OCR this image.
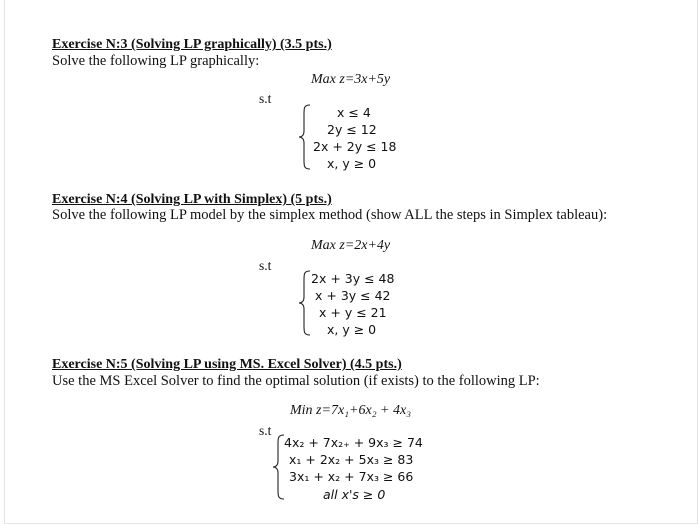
Exercise N:3 (Solving LP graphically) (3.5 pts.)
Solve the following LP graphically:
Max z=3x+5y
s.t
x ≤ 4
2y ≤ 12
2x + 2y ≤ 18
x, y ≥ 0
Exercise N:4 (Solving LP with Simplex) (5 pts.)
Solve the following LP model by the simplex method (show ALL the steps in Simplex tableau):
Max z=2x+4y
s.t
2x + 3y ≤ 48
x + 3y ≤ 42
x + y ≤ 21
x, y ≥ 0
Exercise N:5 (Solving LP using MS. Excel Solver) (4.5 pts.)
Use the MS Excel Solver to find the optimal solution (if exists) to the following LP:
Min z=7x₁+6x₂ + 4x₃
s.t
4x₂ + 7x₂₊ + 9x₃ ≥ 74
x₁ + 2x₂ + 5x₃ ≥ 83
3x₁ + x₂ + 7x₃ ≥ 66
all x's ≥ 0
